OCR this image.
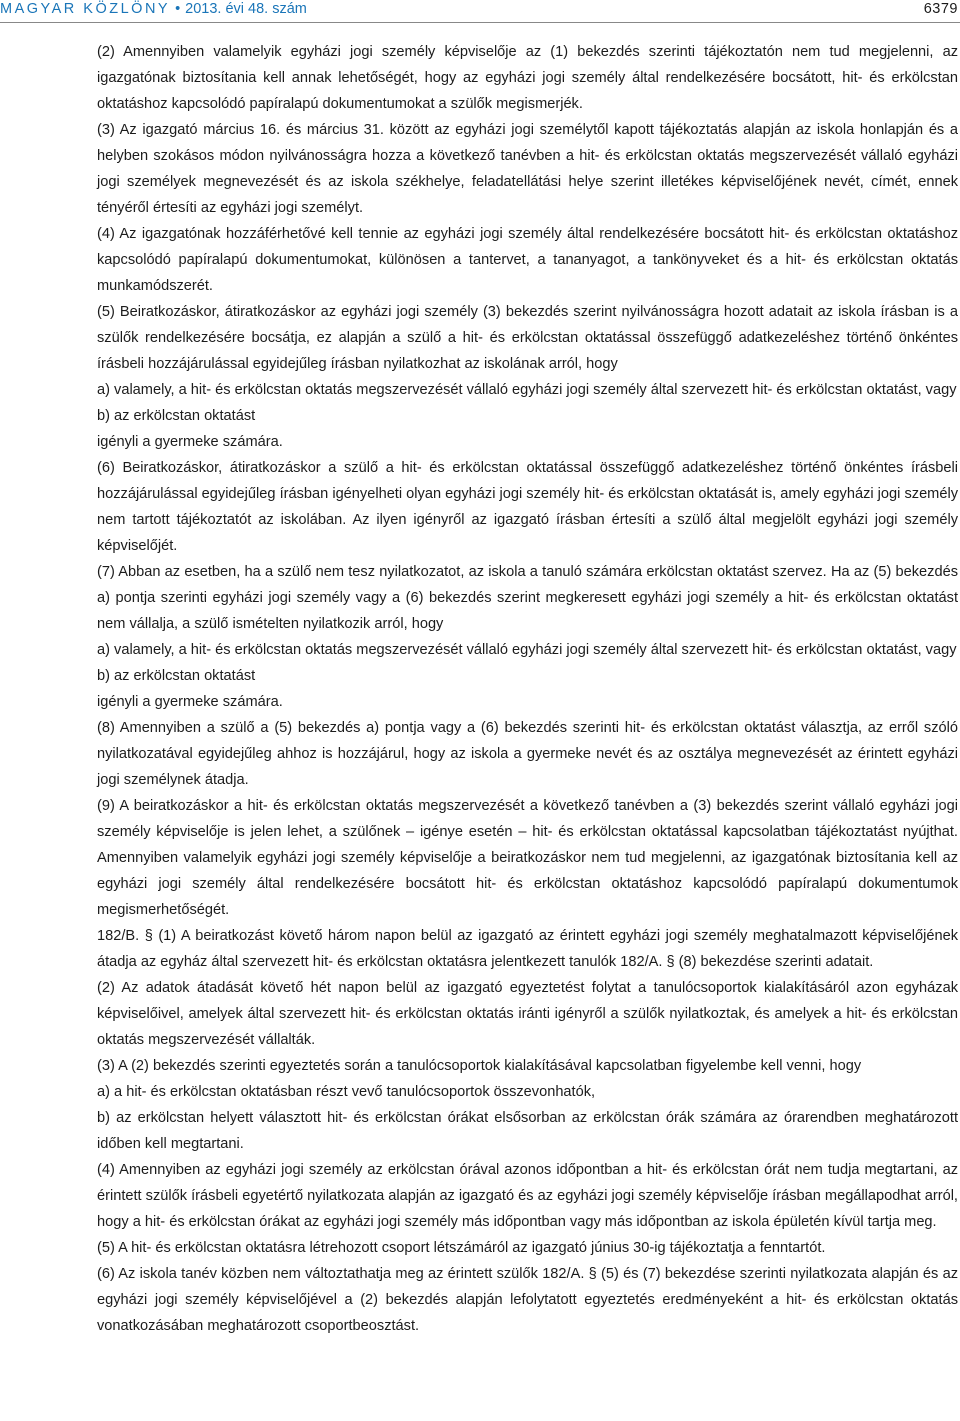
MAGYAR KÖZLÖNY • 2013. évi 48. szám	6379

(2) Amennyiben valamelyik egyházi jogi személy képviselője az (1) bekezdés szerinti tájékoztatón nem tud megjelenni, az igazgatónak biztosítania kell annak lehetőségét, hogy az egyházi jogi személy által rendelkezésére bocsátott, hit- és erkölcstan oktatáshoz kapcsolódó papíralapú dokumentumokat a szülők megismerjék.

(3) Az igazgató március 16. és március 31. között az egyházi jogi személytől kapott tájékoztatás alapján az iskola honlapján és a helyben szokásos módon nyilvánosságra hozza a következő tanévben a hit- és erkölcstan oktatás megszervezését vállaló egyházi jogi személyek megnevezését és az iskola székhelye, feladatellátási helye szerint illetékes képviselőjének nevét, címét, ennek tényéről értesíti az egyházi jogi személyt.

(4) Az igazgatónak hozzáférhetővé kell tennie az egyházi jogi személy által rendelkezésére bocsátott hit- és erkölcstan oktatáshoz kapcsolódó papíralapú dokumentumokat, különösen a tantervet, a tananyagot, a tankönyveket és a hit- és erkölcstan oktatás munkamódszerét.

(5) Beiratkozáskor, átiratkozáskor az egyházi jogi személy (3) bekezdés szerint nyilvánosságra hozott adatait az iskola írásban is a szülők rendelkezésére bocsátja, ez alapján a szülő a hit- és erkölcstan oktatással összefüggő adatkezeléshez történő önkéntes írásbeli hozzájárulással egyidejűleg írásban nyilatkozhat az iskolának arról, hogy

a) valamely, a hit- és erkölcstan oktatás megszervezését vállaló egyházi jogi személy által szervezett hit- és erkölcstan oktatást, vagy

b) az erkölcstan oktatást

igényli a gyermeke számára.

(6) Beiratkozáskor, átiratkozáskor a szülő a hit- és erkölcstan oktatással összefüggő adatkezeléshez történő önkéntes írásbeli hozzájárulással egyidejűleg írásban igényelheti olyan egyházi jogi személy hit- és erkölcstan oktatását is, amely egyházi jogi személy nem tartott tájékoztatót az iskolában. Az ilyen igényről az igazgató írásban értesíti a szülő által megjelölt egyházi jogi személy képviselőjét.

(7) Abban az esetben, ha a szülő nem tesz nyilatkozatot, az iskola a tanuló számára erkölcstan oktatást szervez. Ha az (5) bekezdés a) pontja szerinti egyházi jogi személy vagy a (6) bekezdés szerint megkeresett egyházi jogi személy a hit- és erkölcstan oktatást nem vállalja, a szülő ismételten nyilatkozik arról, hogy

a) valamely, a hit- és erkölcstan oktatás megszervezését vállaló egyházi jogi személy által szervezett hit- és erkölcstan oktatást, vagy

b) az erkölcstan oktatást

igényli a gyermeke számára.

(8) Amennyiben a szülő a (5) bekezdés a) pontja vagy a (6) bekezdés szerinti hit- és erkölcstan oktatást választja, az erről szóló nyilatkozatával egyidejűleg ahhoz is hozzájárul, hogy az iskola a gyermeke nevét és az osztálya megnevezését az érintett egyházi jogi személynek átadja.

(9) A beiratkozáskor a hit- és erkölcstan oktatás megszervezését a következő tanévben a (3) bekezdés szerint vállaló egyházi jogi személy képviselője is jelen lehet, a szülőnek – igénye esetén – hit- és erkölcstan oktatással kapcsolatban tájékoztatást nyújthat. Amennyiben valamelyik egyházi jogi személy képviselője a beiratkozáskor nem tud megjelenni, az igazgatónak biztosítania kell az egyházi jogi személy által rendelkezésére bocsátott hit- és erkölcstan oktatáshoz kapcsolódó papíralapú dokumentumok megismerhetőségét.

182/B. § (1) A beiratkozást követő három napon belül az igazgató az érintett egyházi jogi személy meghatalmazott képviselőjének átadja az egyház által szervezett hit- és erkölcstan oktatásra jelentkezett tanulók 182/A. § (8) bekezdése szerinti adatait.

(2) Az adatok átadását követő hét napon belül az igazgató egyeztetést folytat a tanulócsoportok kialakításáról azon egyházak képviselőivel, amelyek által szervezett hit- és erkölcstan oktatás iránti igényről a szülők nyilatkoztak, és amelyek a hit- és erkölcstan oktatás megszervezését vállalták.

(3) A (2) bekezdés szerinti egyeztetés során a tanulócsoportok kialakításával kapcsolatban figyelembe kell venni, hogy

a) a hit- és erkölcstan oktatásban részt vevő tanulócsoportok összevonhatók,

b) az erkölcstan helyett választott hit- és erkölcstan órákat elsősorban az erkölcstan órák számára az órarendben meghatározott időben kell megtartani.

(4) Amennyiben az egyházi jogi személy az erkölcstan órával azonos időpontban a hit- és erkölcstan órát nem tudja megtartani, az érintett szülők írásbeli egyetértő nyilatkozata alapján az igazgató és az egyházi jogi személy képviselője írásban megállapodhat arról, hogy a hit- és erkölcstan órákat az egyházi jogi személy más időpontban vagy más időpontban az iskola épületén kívül tartja meg.

(5) A hit- és erkölcstan oktatásra létrehozott csoport létszámáról az igazgató június 30-ig tájékoztatja a fenntartót.

(6) Az iskola tanév közben nem változtathatja meg az érintett szülők 182/A. § (5) és (7) bekezdése szerinti nyilatkozata alapján és az egyházi jogi személy képviselőjével a (2) bekezdés alapján lefolytatott egyeztetés eredményeként a hit- és erkölcstan oktatás vonatkozásában meghatározott csoportbeosztást.
